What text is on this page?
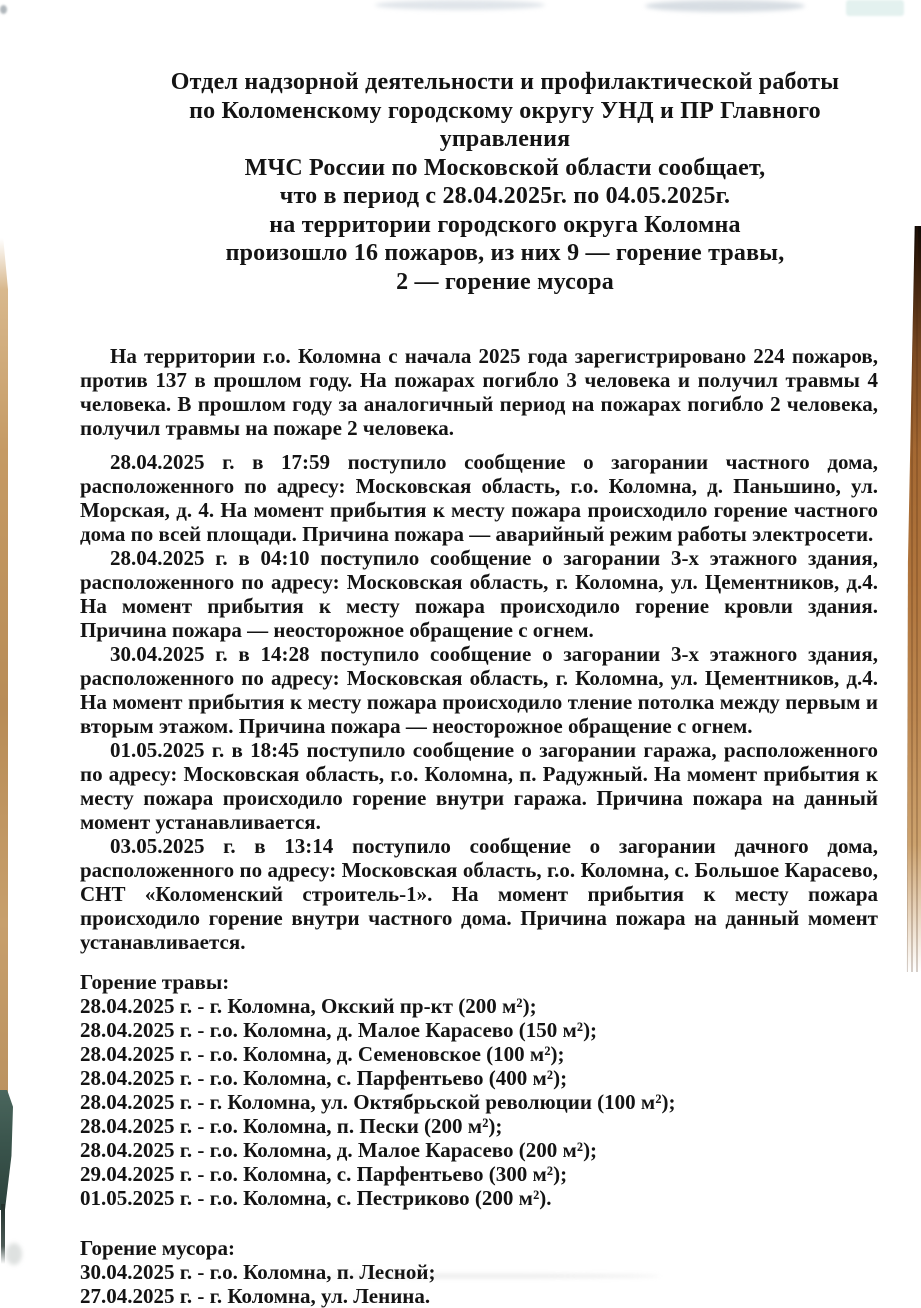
Отдел надзорной деятельности и профилактической работы
по Коломенскому городскому округу УНД и ПР Главного управления
МЧС России по Московской области сообщает,
что в период с 28.04.2025г. по 04.05.2025г.
на территории городского округа Коломна
произошло 16 пожаров, из них 9 — горение травы,
2 — горение мусора

На территории г.о. Коломна с начала 2025 года зарегистрировано 224 пожаров, против 137 в прошлом году. На пожарах погибло 3 человека и получил травмы 4 человека. В прошлом году за аналогичный период на пожарах погибло 2 человека, получил травмы на пожаре 2 человека.

28.04.2025 г. в 17:59 поступило сообщение о загорании частного дома, расположенного по адресу: Московская область, г.о. Коломна, д. Паньшино, ул. Морская, д. 4. На момент прибытия к месту пожара происходило горение частного дома по всей площади. Причина пожара — аварийный режим работы электросети.

28.04.2025 г. в 04:10 поступило сообщение о загорании 3-х этажного здания, расположенного по адресу: Московская область, г. Коломна, ул. Цементников, д.4. На момент прибытия к месту пожара происходило горение кровли здания. Причина пожара — неосторожное обращение с огнем.

30.04.2025 г. в 14:28 поступило сообщение о загорании 3-х этажного здания, расположенного по адресу: Московская область, г. Коломна, ул. Цементников, д.4. На момент прибытия к месту пожара происходило тление потолка между первым и вторым этажом. Причина пожара — неосторожное обращение с огнем.

01.05.2025 г. в 18:45 поступило сообщение о загорании гаража, расположенного по адресу: Московская область, г.о. Коломна, п. Радужный. На момент прибытия к месту пожара происходило горение внутри гаража. Причина пожара на данный момент устанавливается.

03.05.2025 г. в 13:14 поступило сообщение о загорании дачного дома, расположенного по адресу: Московская область, г.о. Коломна, с. Большое Карасево, СНТ «Коломенский строитель-1». На момент прибытия к месту пожара происходило горение внутри частного дома. Причина пожара на данный момент устанавливается.

Горение травы:
28.04.2025 г. - г. Коломна, Окский пр-кт (200 м²);
28.04.2025 г. - г.о. Коломна, д. Малое Карасево (150 м²);
28.04.2025 г. - г.о. Коломна, д. Семеновское (100 м²);
28.04.2025 г. - г.о. Коломна, с. Парфентьево (400 м²);
28.04.2025 г. - г. Коломна, ул. Октябрьской революции (100 м²);
28.04.2025 г. - г.о. Коломна, п. Пески (200 м²);
28.04.2025 г. - г.о. Коломна, д. Малое Карасево (200 м²);
29.04.2025 г. - г.о. Коломна, с. Парфентьево (300 м²);
01.05.2025 г. - г.о. Коломна, с. Пестриково (200 м²).
Горение мусора:
30.04.2025 г. - г.о. Коломна, п. Лесной;
27.04.2025 г. - г. Коломна, ул. Ленина.
